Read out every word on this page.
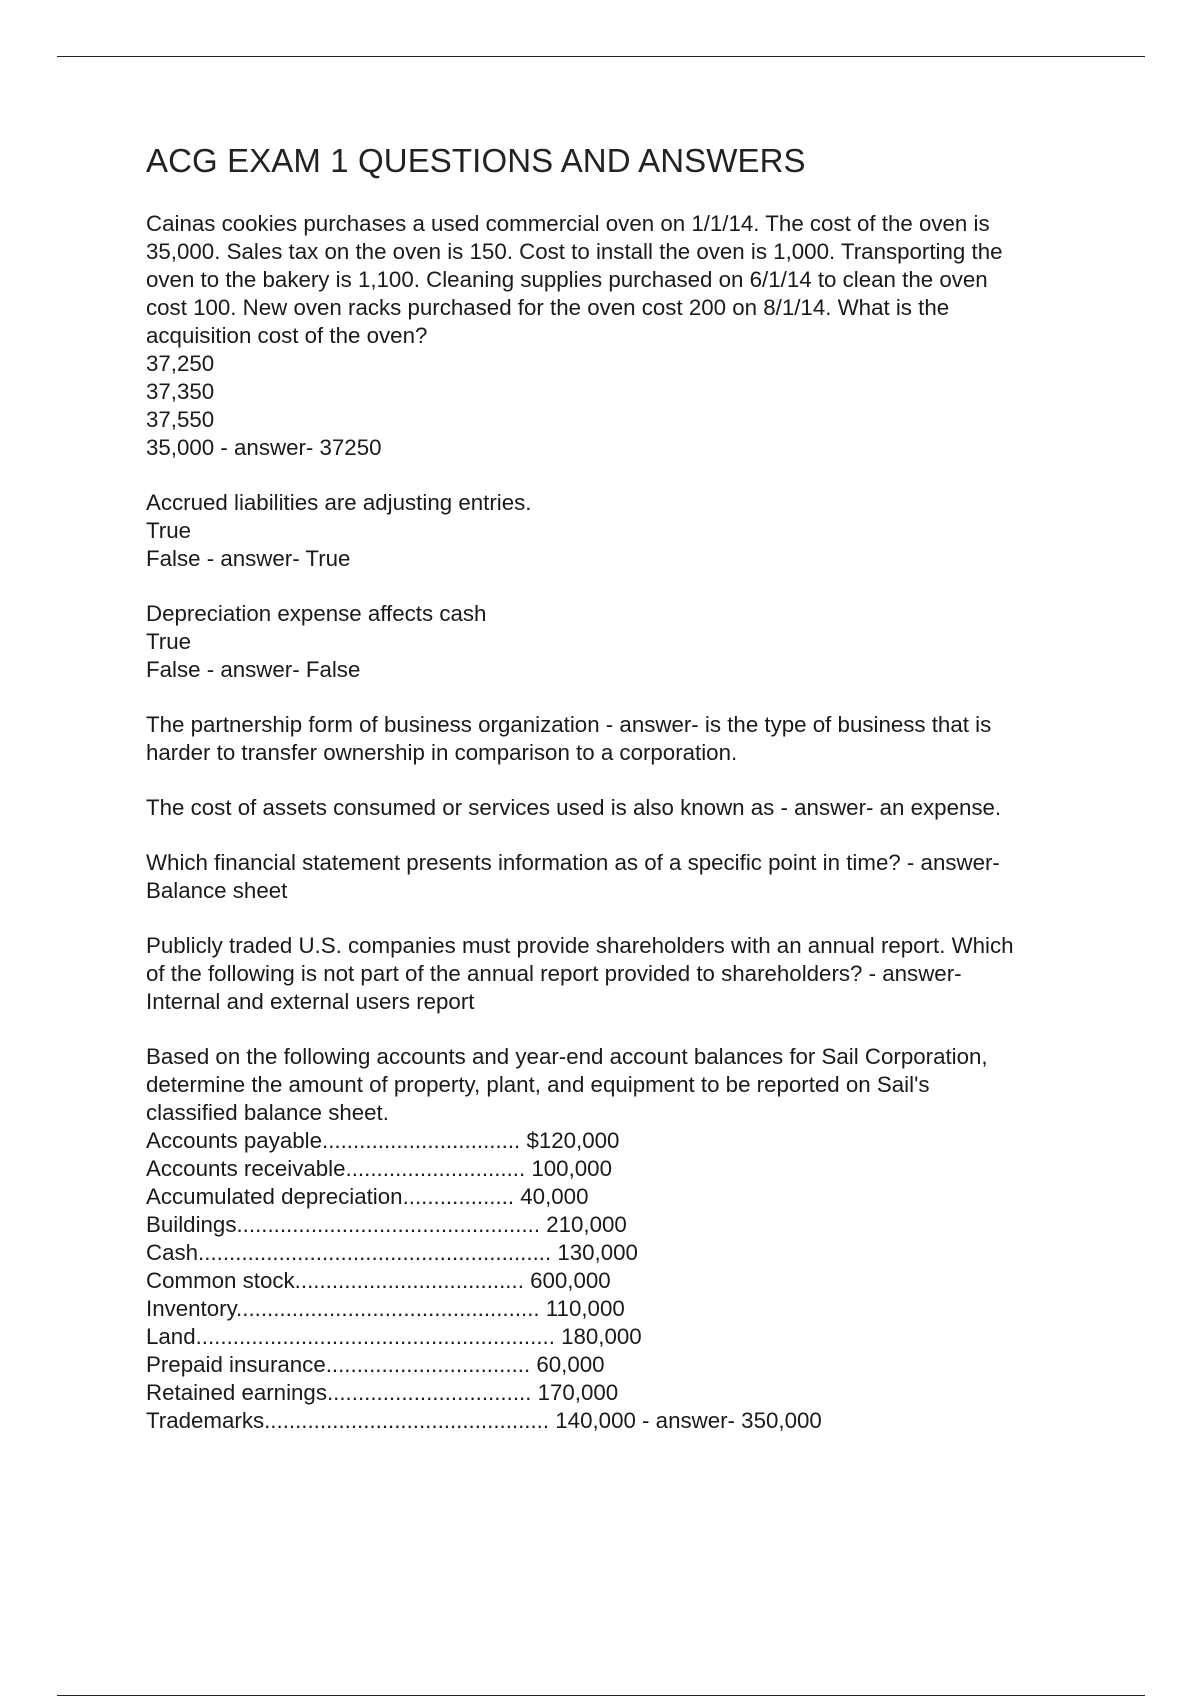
ACG EXAM 1 QUESTIONS AND ANSWERS
Cainas cookies purchases a used commercial oven on 1/1/14. The cost of the oven is
35,000. Sales tax on the oven is 150. Cost to install the oven is 1,000. Transporting the
oven to the bakery is 1,100. Cleaning supplies purchased on 6/1/14 to clean the oven
cost 100. New oven racks purchased for the oven cost 200 on 8/1/14. What is the
acquisition cost of the oven?
37,250
37,350
37,550
35,000 - answer- 37250
Accrued liabilities are adjusting entries.
True
False - answer- True
Depreciation expense affects cash
True
False - answer- False
The partnership form of business organization - answer- is the type of business that is
harder to transfer ownership in comparison to a corporation.
The cost of assets consumed or services used is also known as - answer- an expense.
Which financial statement presents information as of a specific point in time? - answer-
Balance sheet
Publicly traded U.S. companies must provide shareholders with an annual report. Which
of the following is not part of the annual report provided to shareholders? - answer-
Internal and external users report
Based on the following accounts and year-end account balances for Sail Corporation,
determine the amount of property, plant, and equipment to be reported on Sail's
classified balance sheet.
Accounts payable................................ $120,000
Accounts receivable............................. 100,000
Accumulated depreciation.................. 40,000
Buildings................................................. 210,000
Cash......................................................... 130,000
Common stock..................................... 600,000
Inventory................................................. 110,000
Land.......................................................... 180,000
Prepaid insurance................................. 60,000
Retained earnings................................. 170,000
Trademarks.............................................. 140,000 - answer- 350,000
